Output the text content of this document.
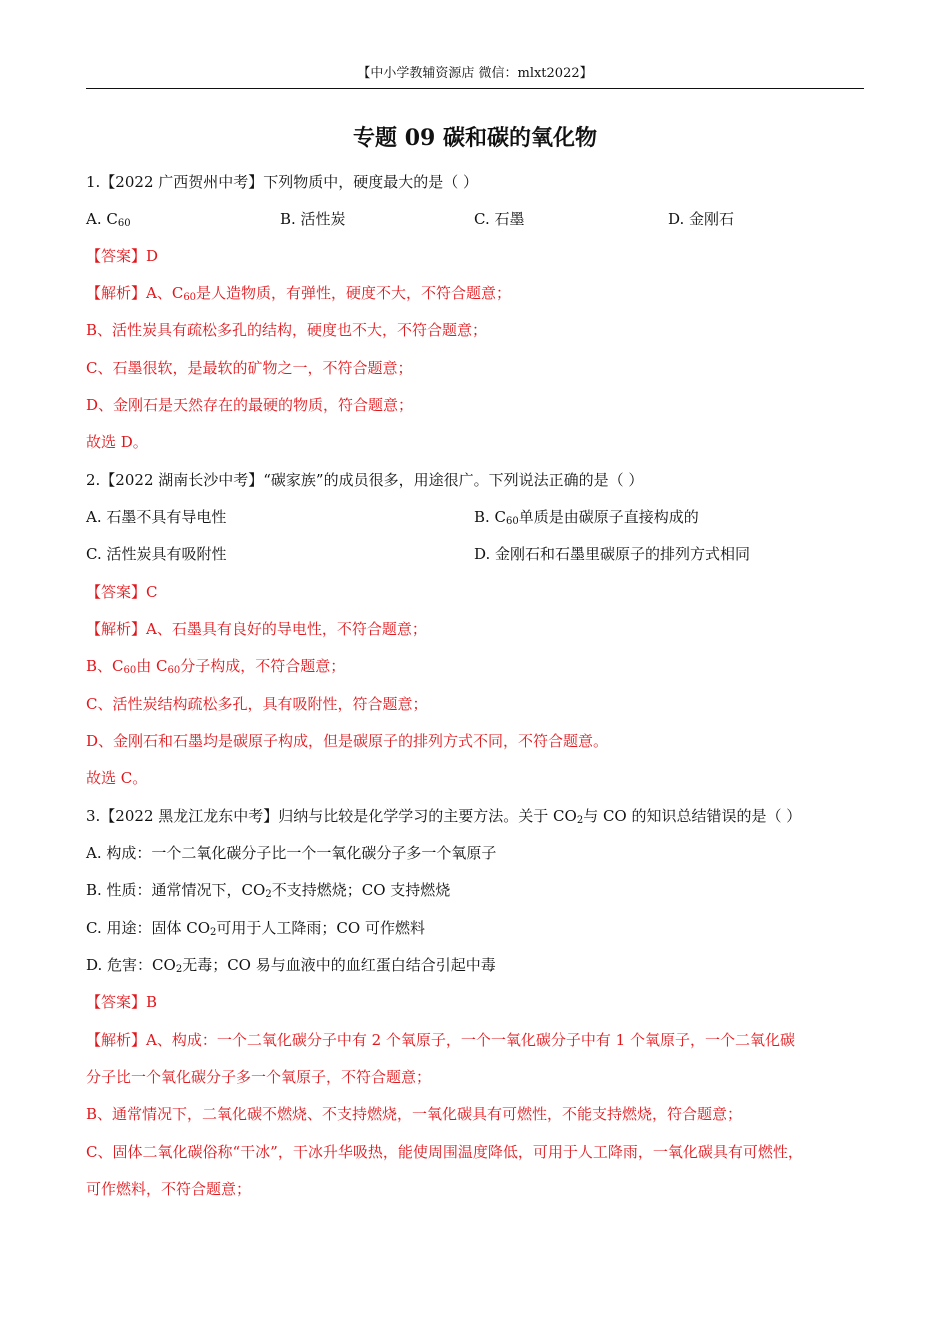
【中小学教辅资源店 微信：mlxt2022】
专题 09 碳和碳的氧化物
1.【2022 广西贺州中考】下列物质中，硬度最大的是（ ）
A. $C_{60}$	B. 活性炭	C. 石墨	D. 金刚石
【答案】D
【解析】A、$C_{60}$是人造物质，有弹性，硬度不大，不符合题意；
B、活性炭具有疏松多孔的结构，硬度也不大，不符合题意；
C、石墨很软，是最软的矿物之一，不符合题意；
D、金刚石是天然存在的最硬的物质，符合题意；
故选 D。
2.【2022 湖南长沙中考】“碳家族”的成员很多，用途很广。下列说法正确的是（ ）
A. 石墨不具有导电性	B. $C_{60}$单质是由碳原子直接构成的
C. 活性炭具有吸附性	D. 金刚石和石墨里碳原子的排列方式相同
【答案】C
【解析】A、石墨具有良好的导电性，不符合题意；
B、$C_{60}$由 $C_{60}$分子构成，不符合题意；
C、活性炭结构疏松多孔，具有吸附性，符合题意；
D、金刚石和石墨均是碳原子构成，但是碳原子的排列方式不同，不符合题意。
故选 C。
3.【2022 黑龙江龙东中考】归纳与比较是化学学习的主要方法。关于 $CO_2$与 CO 的知识总结错误的是（ ）
A. 构成：一个二氧化碳分子比一个一氧化碳分子多一个氧原子
B. 性质：通常情况下，$CO_2$不支持燃烧；CO 支持燃烧
C. 用途：固体 $CO_2$可用于人工降雨；CO 可作燃料
D. 危害：$CO_2$无毒；CO 易与血液中的血红蛋白结合引起中毒
【答案】B
【解析】A、构成：一个二氧化碳分子中有 2 个氧原子，一个一氧化碳分子中有 1 个氧原子，一个二氧化碳
分子比一个氧化碳分子多一个氧原子，不符合题意；
B、通常情况下，二氧化碳不燃烧、不支持燃烧，一氧化碳具有可燃性，不能支持燃烧，符合题意；
C、固体二氧化碳俗称“干冰”，干冰升华吸热，能使周围温度降低，可用于人工降雨，一氧化碳具有可燃性，
可作燃料，不符合题意；
